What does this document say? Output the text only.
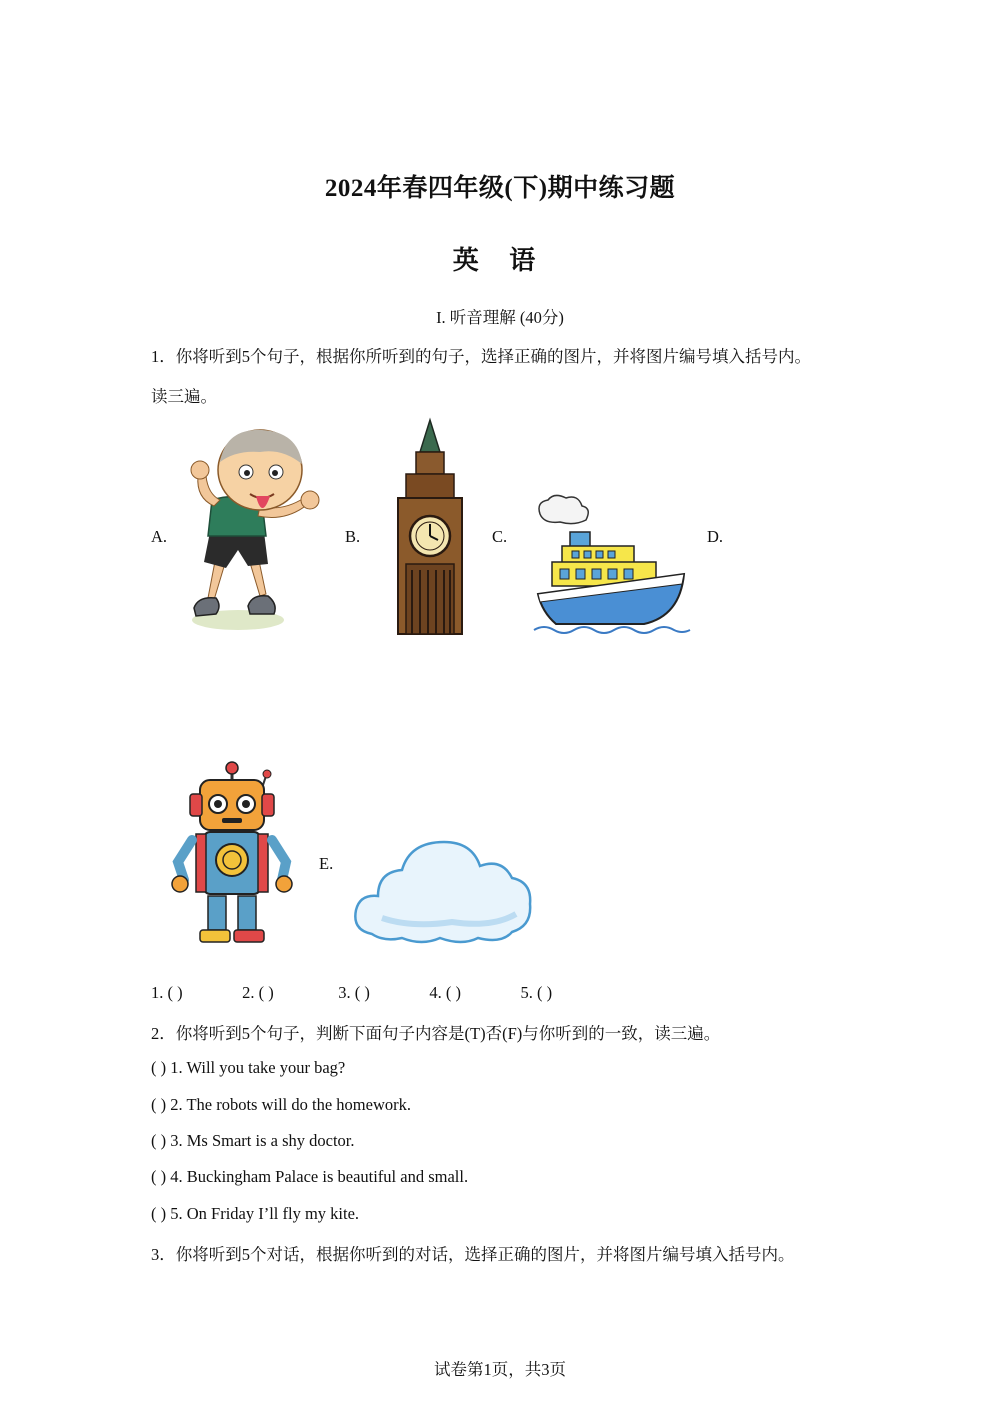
2024年春四年级(下)期中练习题
英 语
I. 听音理解 (40分)
1．你将听到5个句子，根据你所听到的句子，选择正确的图片，并将图片编号填入括号内。
读三遍。
A.	B.	C.	D.
E.
1. ( )	2. ( )	3. ( )	4. ( )	5. ( )
2．你将听到5个句子，判断下面句子内容是(T)否(F)与你听到的一致，读三遍。
( ) 1. Will you take your bag?
( ) 2. The robots will do the homework.
( ) 3. Ms Smart is a shy doctor.
( ) 4. Buckingham Palace is beautiful and small.
( ) 5. On Friday I’ll fly my kite.
3．你将听到5个对话，根据你听到的对话，选择正确的图片，并将图片编号填入括号内。
试卷第1页，共3页
